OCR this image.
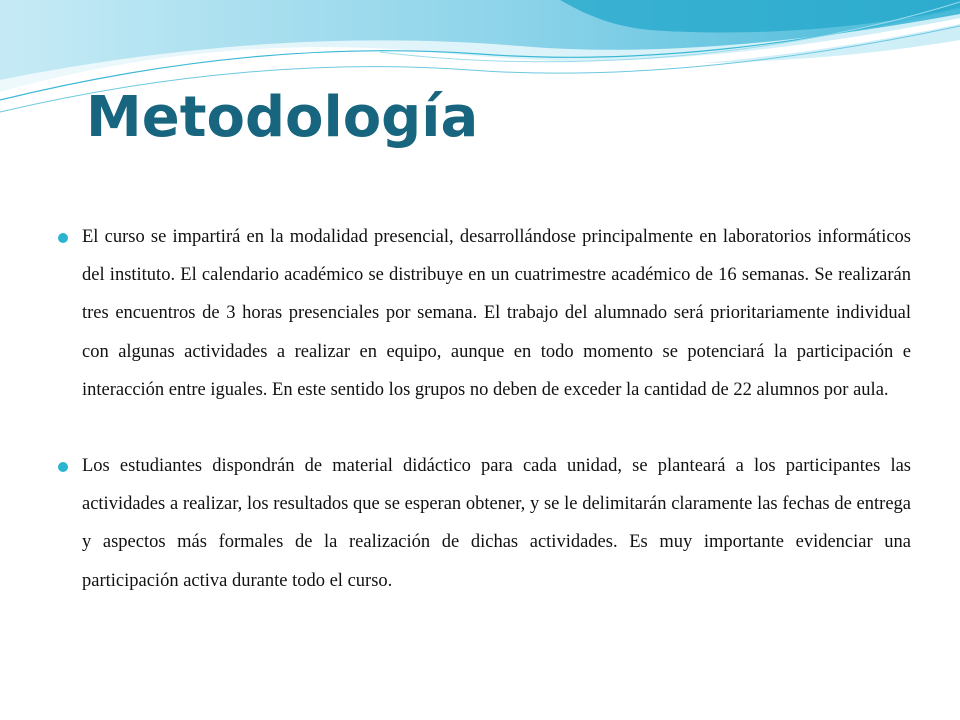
Metodología
El curso se impartirá en la modalidad presencial, desarrollándose principalmente en laboratorios informáticos del instituto. El calendario académico se distribuye en un cuatrimestre académico de 16 semanas. Se realizarán tres encuentros de 3 horas presenciales por semana. El trabajo del alumnado será prioritariamente individual con algunas actividades a realizar en equipo, aunque en todo momento se potenciará la participación e interacción entre iguales. En este sentido los grupos no deben de exceder la cantidad de 22 alumnos por aula.
Los estudiantes dispondrán de material didáctico para cada unidad, se planteará a los participantes las actividades a realizar, los resultados que se esperan obtener, y se le delimitarán claramente las fechas de entrega y aspectos más formales de la realización de dichas actividades. Es muy importante evidenciar una participación activa durante todo el curso.
